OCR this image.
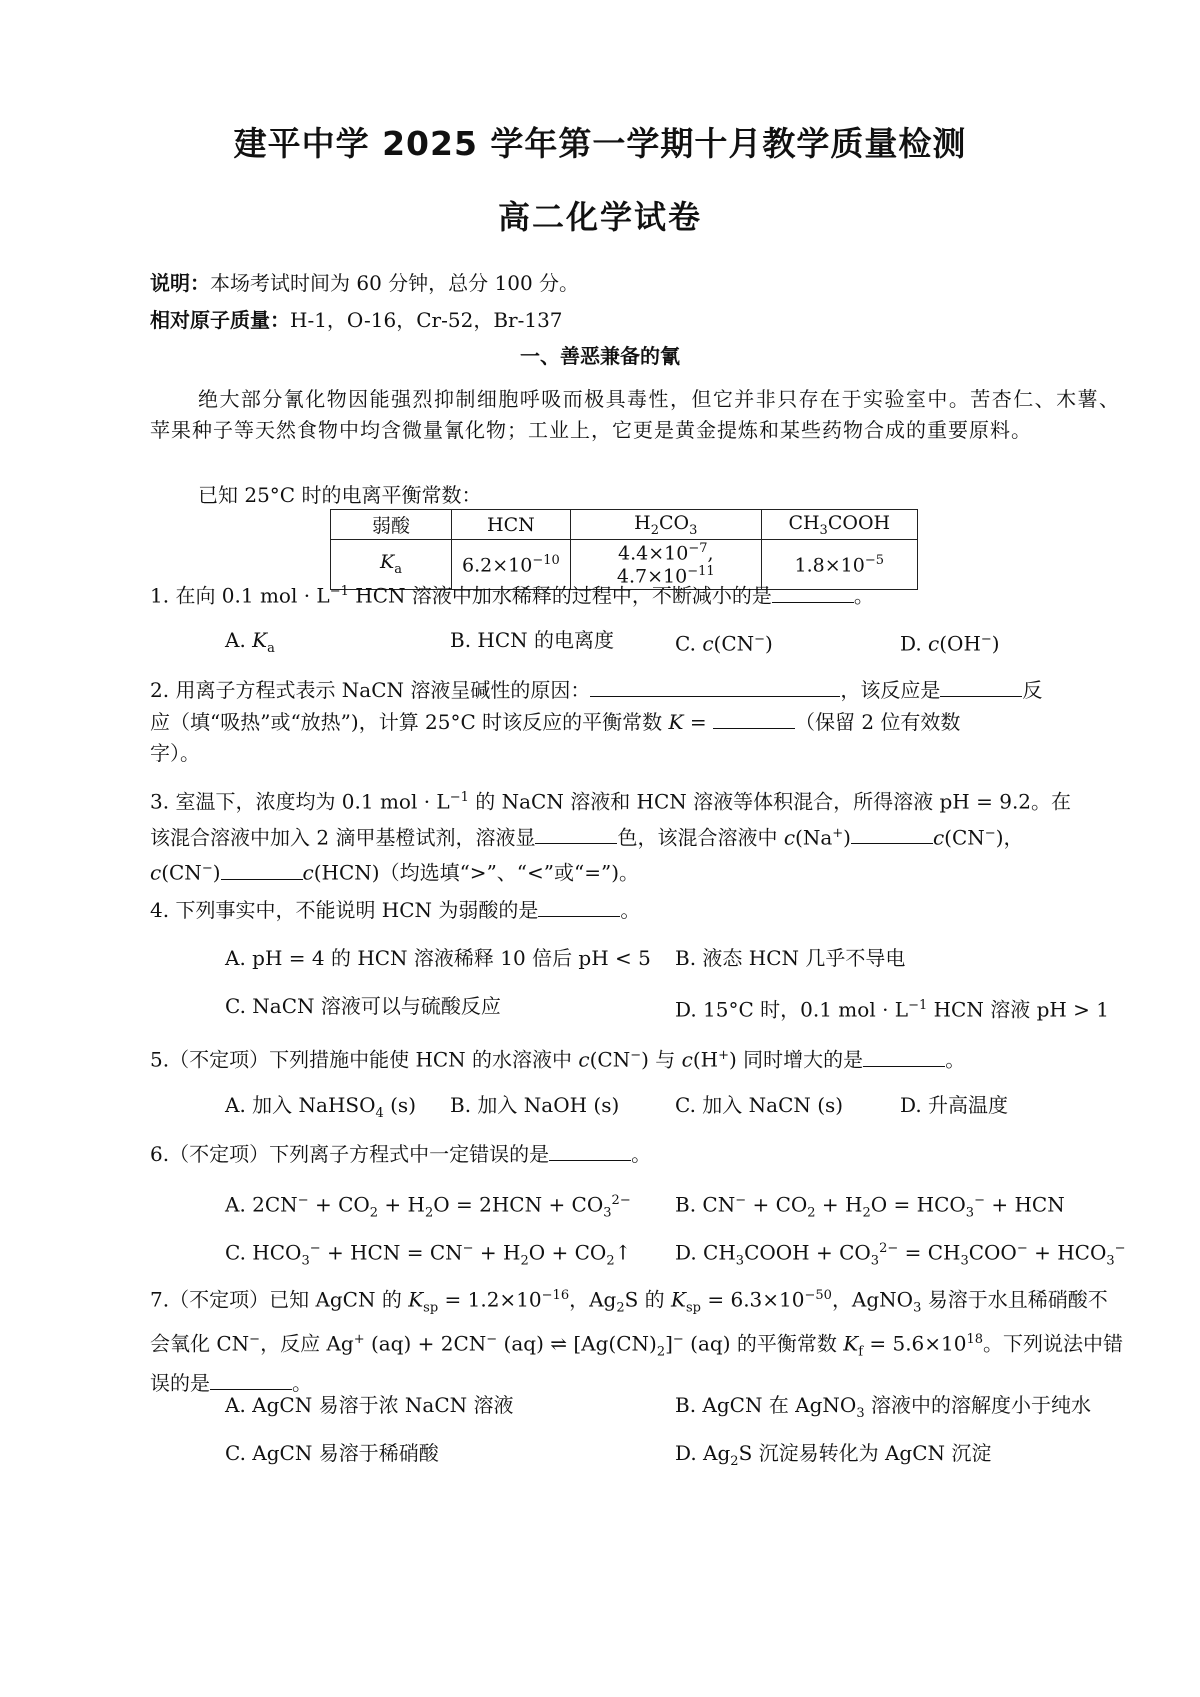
建平中学 2025 学年第一学期十月教学质量检测
高二化学试卷
说明：本场考试时间为 60 分钟，总分 100 分。
相对原子质量：H-1，O-16，Cr-52，Br-137
一、善恶兼备的氰
绝大部分氰化物因能强烈抑制细胞呼吸而极具毒性，但它并非只存在于实验室中。苦杏仁、木薯、苹果种子等天然食物中均含微量氰化物；工业上，它更是黄金提炼和某些药物合成的重要原料。
已知 25°C 时的电离平衡常数：
弱酸	HCN	$H_2CO_3$	$CH_3COOH$
$K_a$	$6.2\times 10^{-10}$	$4.4\times 10^{-7}$, $4.7\times 10^{-11}$	$1.8\times 10^{-5}$
1. 在向 0.1 mol · $L^{-1}$ HCN 溶液中加水稀释的过程中，不断减小的是	。
A. $K_a$	B. HCN 的电离度	C. c(CN−)	D. c(OH−)
2. 用离子方程式表示 NaCN 溶液呈碱性的原因：	，该反应是	反
应（填“吸热”或“放热”)，计算 25°C 时该反应的平衡常数 K =	（保留 2 位有效数
字）。
3. 室温下，浓度均为 0.1 mol · $L^{-1}$ 的 NaCN 溶液和 HCN 溶液等体积混合，所得溶液 pH = 9.2。在
该混合溶液中加入 2 滴甲基橙试剂，溶液显	色，该混合溶液中 c(Na+)	c(CN−)，
c(CN−)	c(HCN)（均选填“>”、“<”或“=”)。
4. 下列事实中，不能说明 HCN 为弱酸的是	。
A. pH = 4 的 HCN 溶液稀释 10 倍后 pH < 5 B. 液态 HCN 几乎不导电
C. NaCN 溶液可以与硫酸反应	D. 15°C 时，0.1 mol · $L^{-1}$ HCN 溶液 pH > 1
5.（不定项）下列措施中能使 HCN 的水溶液中 c(CN−) 与 c(H+) 同时增大的是	。
A. 加入 NaHSO$_4$ (s) B. 加入 NaOH (s)	C. 加入 NaCN (s)	D. 升高温度
6.（不定项）下列离子方程式中一定错误的是	。
A. $2CN^- + CO_2 + H_2O = 2HCN + CO_3^{2-}$ B. $CN^- + CO_2 + H_2O = HCO_3^-$ + HCN
C. $HCO_3^-$ + HCN = $CN^- + H_2O$ + $CO_2↑$ D. $CH_3COOH + CO_3^{2-} = CH_3COO^- + HCO_3^-$
7.（不定项）已知 AgCN 的 $K_{sp} = 1.2\times 10^{-16}$，$Ag_2S$ 的 $K_{sp} = 6.3\times 10^{-50}$，AgNO$_3$ 易溶于水且稀硝酸不
会氧化 CN−，反应 Ag+ (aq) + 2CN− (aq) ⇌ $[Ag(CN)_2]^-$ (aq) 的平衡常数 $K_f = 5.6\times 10^{18}$。下列说法中错
误的是	。
A. AgCN 易溶于浓 NaCN 溶液	B. AgCN 在 AgNO$_3$ 溶液中的溶解度小于纯水
C. AgCN 易溶于稀硝酸	D. $Ag_2S$ 沉淀易转化为 AgCN 沉淀
